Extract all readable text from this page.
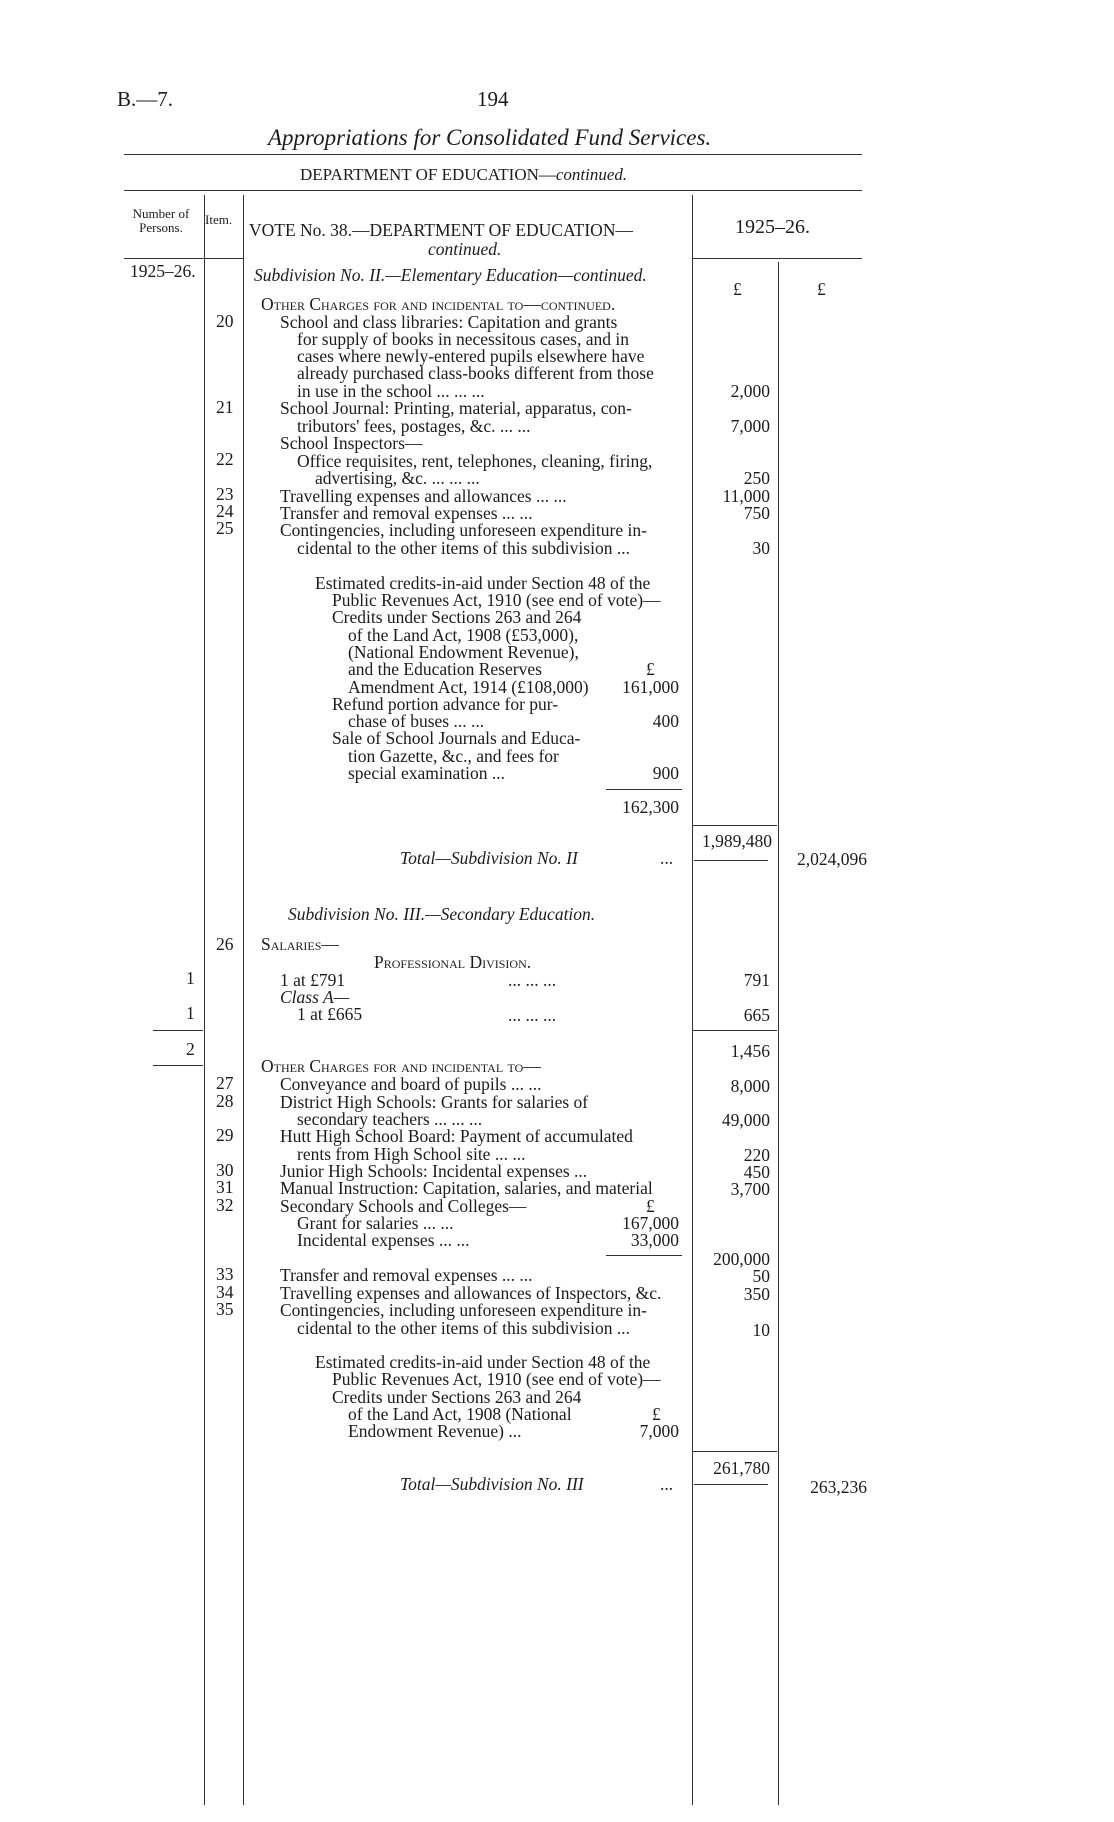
B.—7.	194
Appropriations for Consolidated Fund Services.
DEPARTMENT OF EDUCATION—continued.
Number of Persons.
Item.
VOTE No. 38.—DEPARTMENT OF EDUCATION—
continued.
1925–26.
1925–26.
£	£
Subdivision No. II.—Elementary Education—continued.
Other Charges for and incidental to—continued.
20	School and class libraries: Capitation and grants
for supply of books in necessitous cases, and in
cases where newly-entered pupils elsewhere have
already purchased class-books different from those
in use in the school ... ... ...	2,000
21	School Journal: Printing, material, apparatus, con-
tributors' fees, postages, &c. ... ...	7,000
School Inspectors—
22	Office requisites, rent, telephones, cleaning, firing,
advertising, &c. ... ... ...	250
23	Travelling expenses and allowances ... ...	11,000
24	Transfer and removal expenses ... ...	750
25	Contingencies, including unforeseen expenditure in-
cidental to the other items of this subdivision ...	30
Estimated credits-in-aid under Section 48 of the
Public Revenues Act, 1910 (see end of vote)—
Credits under Sections 263 and 264
of the Land Act, 1908 (£53,000),
(National Endowment Revenue),
and the Education Reserves	£
Amendment Act, 1914 (£108,000)	161,000
Refund portion advance for pur-
chase of buses ... ...	400
Sale of School Journals and Educa-
tion Gazette, &c., and fees for
special examination ...	900
162,300
1,989,480
Total—Subdivision No. II	...	2,024,096
Subdivision No. III.—Secondary Education.
26 Salaries—
Professional Division.
1	1 at £791	... ... ...	791
Class A—
1	1 at £665	... ... ...	665
2	1,456
Other Charges for and incidental to—
27	Conveyance and board of pupils ... ...	8,000
28	District High Schools: Grants for salaries of
secondary teachers ... ... ...	49,000
29	Hutt High School Board: Payment of accumulated
rents from High School site ... ...	220
30	Junior High Schools: Incidental expenses ...	450
31	Manual Instruction: Capitation, salaries, and material	3,700
32	Secondary Schools and Colleges—	£
Grant for salaries ... ...	167,000
Incidental expenses ... ...	33,000
200,000
33	Transfer and removal expenses ... ...	50
34	Travelling expenses and allowances of Inspectors, &c.	350
35	Contingencies, including unforeseen expenditure in-
cidental to the other items of this subdivision ...	10
Estimated credits-in-aid under Section 48 of the
Public Revenues Act, 1910 (see end of vote)—
Credits under Sections 263 and 264
of the Land Act, 1908 (National	£
Endowment Revenue) ...	7,000
261,780
Total—Subdivision No. III	...	263,236
